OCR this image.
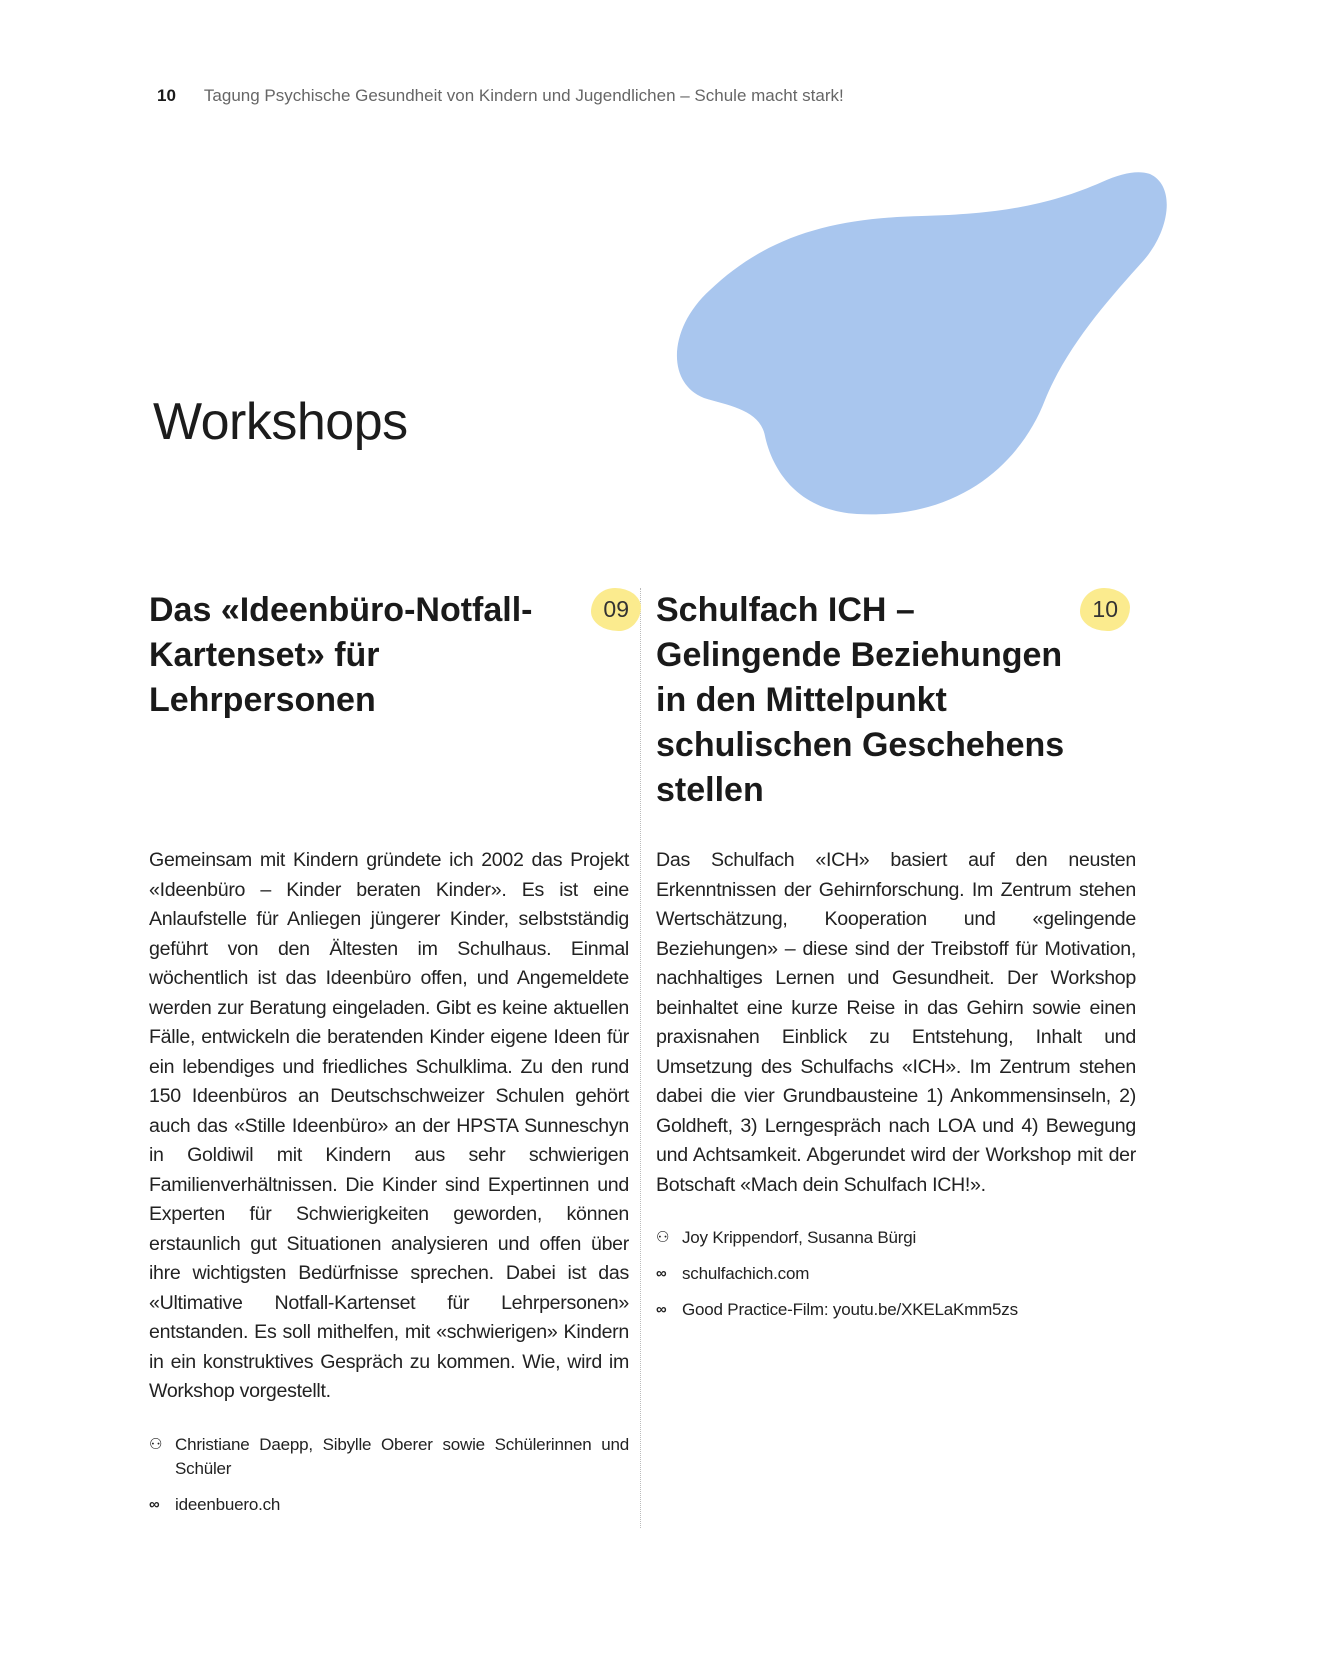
10 Tagung Psychische Gesundheit von Kindern und Jugendlichen – Schule macht stark!
Workshops
09
Das «Ideenbüro-Notfall-Kartenset» für Lehrpersonen

Gemeinsam mit Kindern gründete ich 2002 das Projekt «Ideenbüro – Kinder beraten Kinder». Es ist eine Anlaufstelle für Anliegen jüngerer Kinder, selbstständig geführt von den Ältesten im Schulhaus. Einmal wöchentlich ist das Ideenbüro offen, und Angemeldete werden zur Beratung eingeladen. Gibt es keine aktuellen Fälle, entwickeln die beratenden Kinder eigene Ideen für ein lebendiges und friedliches Schulklima. Zu den rund 150 Ideenbüros an Deutschschweizer Schulen gehört auch das «Stille Ideenbüro» an der HPSTA Sunneschyn in Goldiwil mit Kindern aus sehr schwierigen Familienverhältnissen. Die Kinder sind Expertinnen und Experten für Schwierigkeiten geworden, können erstaunlich gut Situationen analysieren und offen über ihre wichtigsten Bedürfnisse sprechen. Dabei ist das «Ultimative Notfall-Kartenset für Lehrpersonen» entstanden. Es soll mithelfen, mit «schwierigen» Kindern in ein konstruktives Gespräch zu kommen. Wie, wird im Workshop vorgestellt.

⚇ Christiane Daepp, Sibylle Oberer sowie Schülerinnen und Schüler
∞ ideenbuero.ch
10
Schulfach ICH – Gelingende Beziehungen in den Mittelpunkt schulischen Geschehens stellen

Das Schulfach «ICH» basiert auf den neusten Erkenntnissen der Gehirnforschung. Im Zentrum stehen Wertschätzung, Kooperation und «gelingende Beziehungen» – diese sind der Treibstoff für Motivation, nachhaltiges Lernen und Gesundheit. Der Workshop beinhaltet eine kurze Reise in das Gehirn sowie einen praxisnahen Einblick zu Entstehung, Inhalt und Umsetzung des Schulfachs «ICH». Im Zentrum stehen dabei die vier Grundbausteine 1) Ankommensinseln, 2) Goldheft, 3) Lerngespräch nach LOA und 4) Bewegung und Achtsamkeit. Abgerundet wird der Workshop mit der Botschaft «Mach dein Schulfach ICH!».

⚇ Joy Krippendorf, Susanna Bürgi
∞ schulfachich.com
∞ Good Practice-Film: youtu.be/XKELaKmm5zs
